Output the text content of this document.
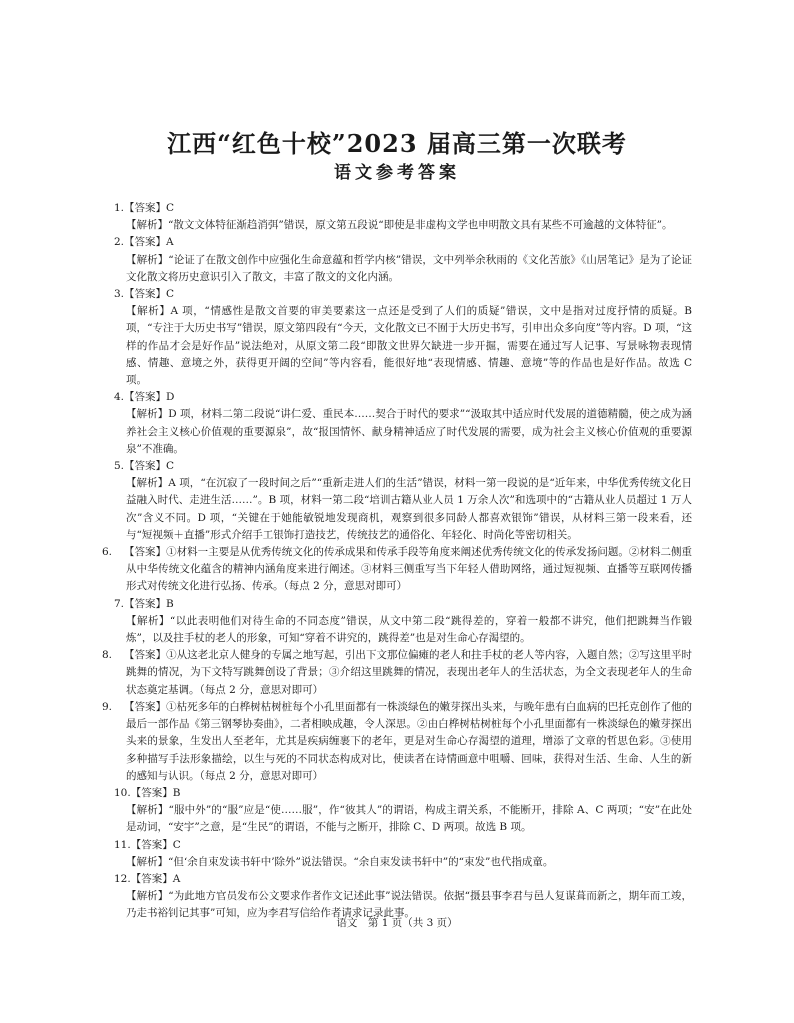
江西“红色十校”2023 届高三第一次联考
语文参考答案
1.【答案】C
【解析】“散文文体特征渐趋消弭”错误，原文第五段说“即使是非虚构文学也申明散文具有某些不可逾越的文体特征”。
2.【答案】A
【解析】“论证了在散文创作中应强化生命意蕴和哲学内核”错误，文中列举余秋雨的《文化苦旅》《山居笔记》是为了论证文化散文将历史意识引入了散文，丰富了散文的文化内涵。
3.【答案】C
【解析】A 项，“情感性是散文首要的审美要素这一点还是受到了人们的质疑”错误，文中是指对过度抒情的质疑。B 项，“专注于大历史书写”错误，原文第四段有“今天，文化散文已不囿于大历史书写，引申出众多向度”等内容。D 项，“这样的作品才会是好作品”说法绝对，从原文第二段“即散文世界欠缺进一步开掘，需要在通过写人记事、写景咏物表现情感、情趣、意境之外，获得更开阔的空间”等内容看，能很好地“表现情感、情趣、意境”等的作品也是好作品。故选 C 项。
4.【答案】D
【解析】D 项，材料二第二段说“讲仁爱、重民本……契合于时代的要求”“汲取其中适应时代发展的道德精髓，使之成为涵养社会主义核心价值观的重要源泉”，故“报国情怀、献身精神适应了时代发展的需要，成为社会主义核心价值观的重要源泉”不准确。
5.【答案】C
【解析】A 项，“在沉寂了一段时间之后”“重新走进人们的生活”错误，材料一第一段说的是“近年来，中华优秀传统文化日益融入时代、走进生活……”。B 项，材料一第二段“培训古籍从业人员 1 万余人次”和选项中的“古籍从业人员超过 1 万人次”含义不同。D 项，“关键在于她能敏锐地发现商机，观察到很多同龄人都喜欢银饰”错误，从材料三第一段来看，还与“短视频＋直播”形式介绍手工银饰打造技艺，传统技艺的通俗化、年轻化、时尚化等密切相关。
6. 【答案】①材料一主要是从优秀传统文化的传承成果和传承手段等角度来阐述优秀传统文化的传承发扬问题。②材料二侧重从中华传统文化蕴含的精神内涵角度来进行阐述。③材料三侧重写当下年轻人借助网络，通过短视频、直播等互联网传播形式对传统文化进行弘扬、传承。（每点 2 分，意思对即可）
7.【答案】B
【解析】“以此表明他们对待生命的不同态度”错误，从文中第二段“跳得差的，穿着一般都不讲究，他们把跳舞当作锻炼”，以及拄手杖的老人的形象，可知“穿着不讲究的，跳得差”也是对生命心存渴望的。
8. 【答案】①从这老北京人健身的专属之地写起，引出下文那位偏瘫的老人和拄手杖的老人等内容，入题自然；②写这里平时跳舞的情况，为下文特写跳舞创设了背景；③介绍这里跳舞的情况，表现出老年人的生活状态，为全文表现老年人的生命状态奠定基调。（每点 2 分，意思对即可）
9. 【答案】①枯死多年的白桦树枯树桩每个小孔里面都有一株淡绿色的嫩芽探出头来，与晚年患有白血病的巴托克创作了他的最后一部作品《第三钢琴协奏曲》，二者相映成趣，令人深思。②由白桦树枯树桩每个小孔里面都有一株淡绿色的嫩芽探出头来的景象，生发出人至老年，尤其是疾病缠裹下的老年，更是对生命心存渴望的道理，增添了文章的哲思色彩。③使用多种描写手法形象描绘，以生与死的不同状态构成对比，使读者在诗情画意中咀嚼、回味，获得对生活、生命、人生的新的感知与认识。（每点 2 分，意思对即可）
10.【答案】B
【解析】“服中外”的“服”应是“使……服”，作“彼其人”的谓语，构成主谓关系，不能断开，排除 A、C 两项；“安”在此处是动词，“安宇”之意，是“生民”的谓语，不能与之断开，排除 C、D 两项。故选 B 项。
11.【答案】C
【解析】“但‘余自束发读书轩中’除外”说法错误。“余自束发读书轩中”的“束发”也代指成童。
12.【答案】A
【解析】“为此地方官员发布公文要求作者作文记述此事”说法错误。依据“摄县事李君与邑人复谋葺而新之，期年而工竣，乃走书裕钊记其事”可知，应为李君写信给作者请求记录此事。
语文　第 1 页（共 3 页）
